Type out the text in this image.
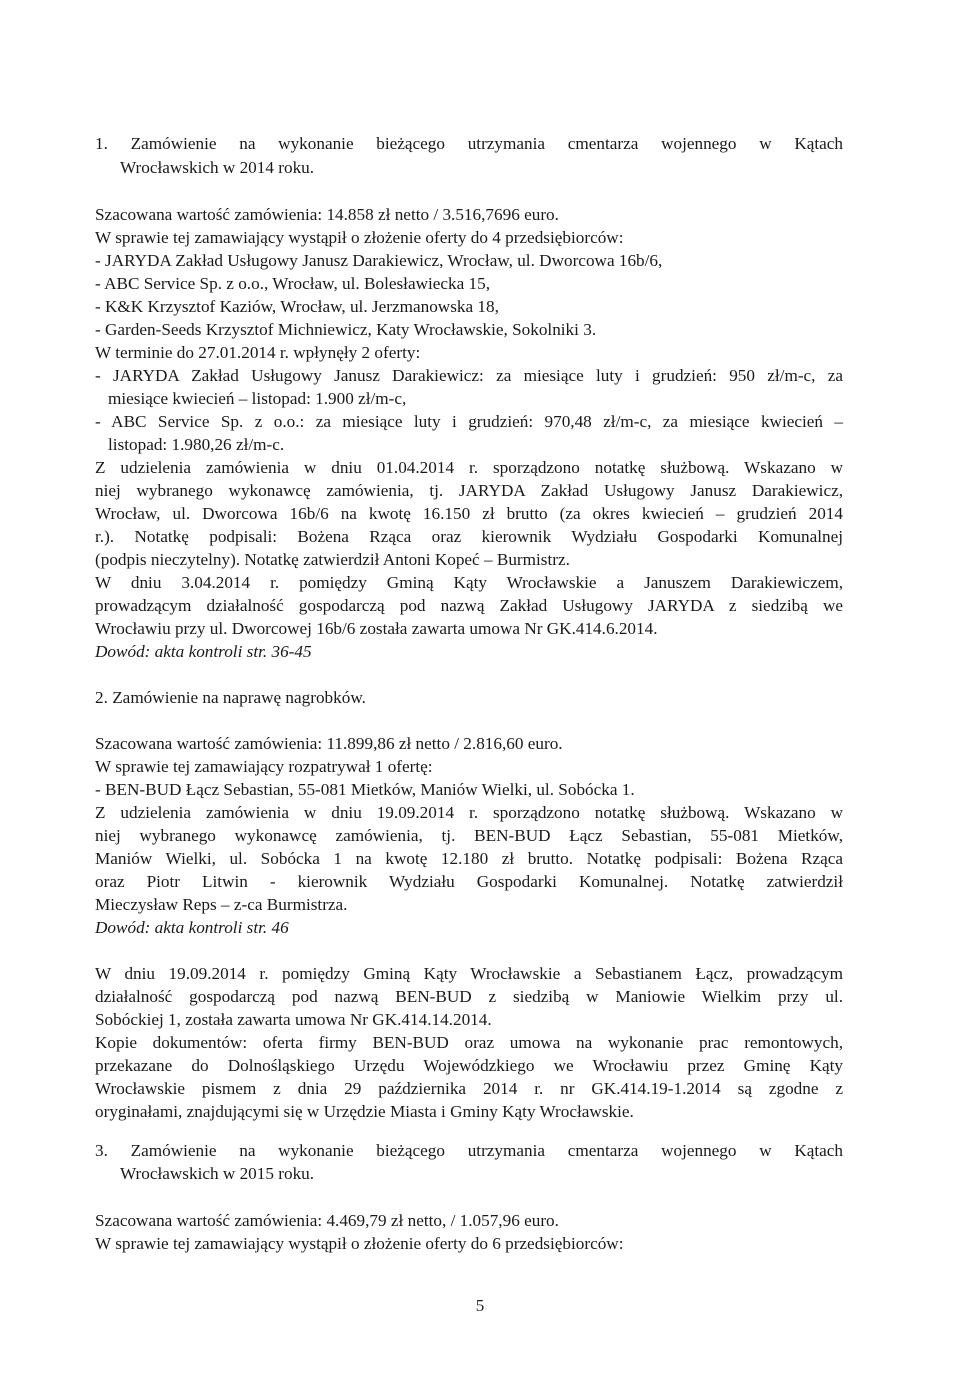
1. Zamówienie na wykonanie bieżącego utrzymania cmentarza wojennego w Kątach

Wrocławskich w 2014 roku.

Szacowana wartość zamówienia: 14.858 zł netto / 3.516,7696 euro.

W sprawie tej zamawiający wystąpił o złożenie oferty do 4 przedsiębiorców:

- JARYDA Zakład Usługowy Janusz Darakiewicz, Wrocław, ul. Dworcowa 16b/6,

- ABC Service Sp. z o.o., Wrocław, ul. Bolesławiecka 15,

- K&K Krzysztof Kaziów, Wrocław, ul. Jerzmanowska 18,

- Garden-Seeds Krzysztof Michniewicz, Katy Wrocławskie, Sokolniki 3.

W terminie do 27.01.2014 r. wpłynęły 2 oferty:

- JARYDA Zakład Usługowy Janusz Darakiewicz: za miesiące luty i grudzień: 950 zł/m-c, za

miesiące kwiecień – listopad: 1.900 zł/m-c,

- ABC Service Sp. z o.o.: za miesiące luty i grudzień: 970,48 zł/m-c, za miesiące kwiecień –

listopad: 1.980,26 zł/m-c.

Z udzielenia zamówienia w dniu 01.04.2014 r. sporządzono notatkę służbową. Wskazano w

niej wybranego wykonawcę zamówienia, tj. JARYDA Zakład Usługowy Janusz Darakiewicz,

Wrocław, ul. Dworcowa 16b/6 na kwotę 16.150 zł brutto (za okres kwiecień – grudzień 2014

r.). Notatkę podpisali: Bożena Rząca oraz kierownik Wydziału Gospodarki Komunalnej

(podpis nieczytelny). Notatkę zatwierdził Antoni Kopeć – Burmistrz.

W dniu 3.04.2014 r. pomiędzy Gminą Kąty Wrocławskie a Januszem Darakiewiczem,

prowadzącym działalność gospodarczą pod nazwą Zakład Usługowy JARYDA z siedzibą we

Wrocławiu przy ul. Dworcowej 16b/6 została zawarta umowa Nr GK.414.6.2014.

Dowód: akta kontroli str. 36-45

2. Zamówienie na naprawę nagrobków.

Szacowana wartość zamówienia: 11.899,86 zł netto / 2.816,60 euro.

W sprawie tej zamawiający rozpatrywał 1 ofertę:

- BEN-BUD Łącz Sebastian, 55-081 Mietków, Maniów Wielki, ul. Sobócka 1.

Z udzielenia zamówienia w dniu 19.09.2014 r. sporządzono notatkę służbową. Wskazano w

niej wybranego wykonawcę zamówienia, tj. BEN-BUD Łącz Sebastian, 55-081 Mietków,

Maniów Wielki, ul. Sobócka 1 na kwotę 12.180 zł brutto. Notatkę podpisali: Bożena Rząca

oraz Piotr Litwin - kierownik Wydziału Gospodarki Komunalnej. Notatkę zatwierdził

Mieczysław Reps – z-ca Burmistrza.

Dowód: akta kontroli str. 46

W dniu 19.09.2014 r. pomiędzy Gminą Kąty Wrocławskie a Sebastianem Łącz, prowadzącym

działalność gospodarczą pod nazwą BEN-BUD z siedzibą w Maniowie Wielkim przy ul.

Sobóckiej 1, została zawarta umowa Nr GK.414.14.2014.

Kopie dokumentów: oferta firmy BEN-BUD oraz umowa na wykonanie prac remontowych,

przekazane do Dolnośląskiego Urzędu Wojewódzkiego we Wrocławiu przez Gminę Kąty

Wrocławskie pismem z dnia 29 października 2014 r. nr GK.414.19-1.2014 są zgodne z

oryginałami, znajdującymi się w Urzędzie Miasta i Gminy Kąty Wrocławskie.

3. Zamówienie na wykonanie bieżącego utrzymania cmentarza wojennego w Kątach

Wrocławskich w 2015 roku.

Szacowana wartość zamówienia: 4.469,79 zł netto, / 1.057,96 euro.

W sprawie tej zamawiający wystąpił o złożenie oferty do 6 przedsiębiorców:

5
